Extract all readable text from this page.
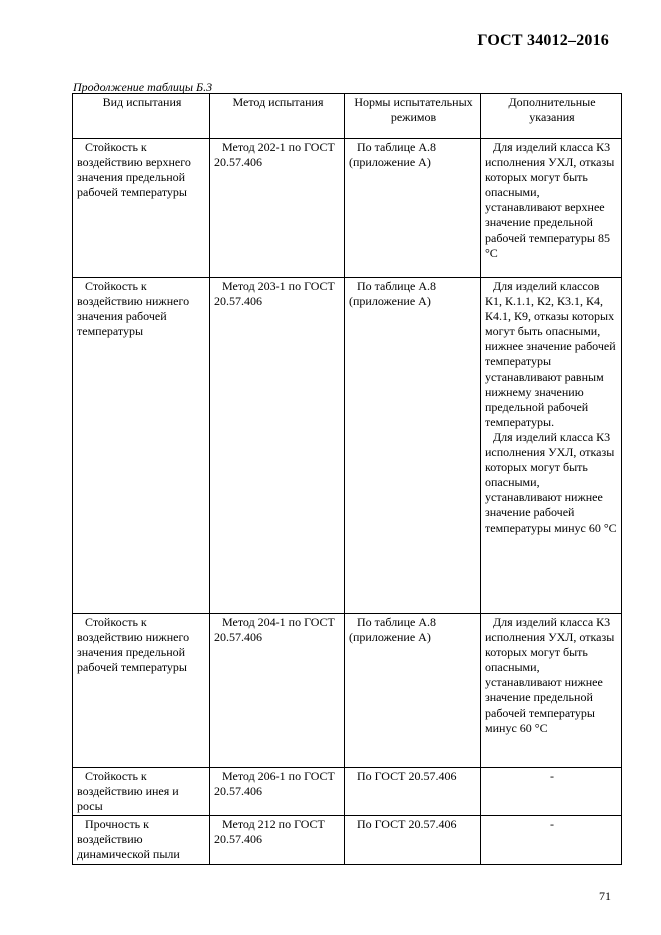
ГОСТ 34012–2016
Продолжение таблицы Б.3
Вид испытания	Метод испытания	Нормы испытательных режимов	Дополнительные указания
Стойкость к воздействию верхнего значения предельной рабочей температуры	Метод 202-1 по ГОСТ 20.57.406	По таблице А.8 (приложение А)	Для изделий класса К3 исполнения УХЛ, отказы которых могут быть опасными, устанавливают верхнее значение предельной рабочей температуры 85 °С

Стойкость к воздействию нижнего значения рабочей температуры	Метод 203-1 по ГОСТ 20.57.406	По таблице А.8 (приложение А)	Для изделий классов К1, К.1.1, К2, К3.1, К4, К4.1, К9, отказы которых могут быть опасными, нижнее значение рабочей температуры устанавливают равным нижнему значению предельной рабочей температуры.
Для изделий класса К3 исполнения УХЛ, отказы которых могут быть опасными, устанавливают нижнее значение рабочей температуры минус 60 °С

Стойкость к воздействию нижнего значения предельной рабочей температуры	Метод 204-1 по ГОСТ 20.57.406	По таблице А.8 (приложение А)	Для изделий класса К3 исполнения УХЛ, отказы которых могут быть опасными, устанавливают нижнее значение предельной рабочей температуры минус 60 °С

Стойкость к воздействию инея и росы	Метод 206-1 по ГОСТ 20.57.406	По ГОСТ 20.57.406	-
Прочность к воздействию динамической пыли	Метод 212 по ГОСТ 20.57.406	По ГОСТ 20.57.406	-
71
